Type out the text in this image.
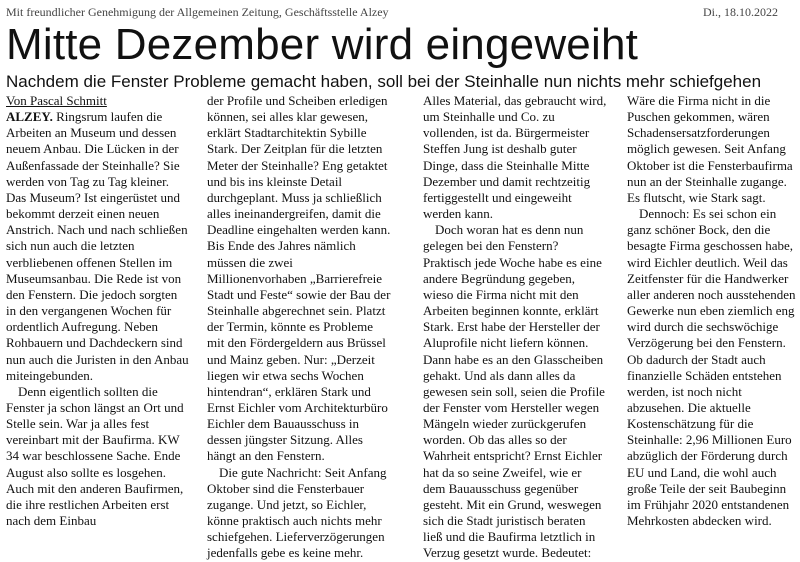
Mit freundlicher Genehmigung der Allgemeinen Zeitung, Geschäftsstelle Alzey	Di., 18.10.2022
Mitte Dezember wird eingeweiht
Nachdem die Fenster Probleme gemacht haben, soll bei der Steinhalle nun nichts mehr schiefgehen
Von Pascal Schmitt

ALZEY. Ringsrum laufen die Arbeiten an Museum und dessen neuem Anbau. Die Lücken in der Außenfassade der Steinhalle? Sie werden von Tag zu Tag kleiner. Das Museum? Ist eingerüstet und bekommt derzeit einen neuen Anstrich. Nach und nach schließen sich nun auch die letzten verbliebenen offenen Stellen im Museumsanbau. Die Rede ist von den Fenstern. Die jedoch sorgten in den vergangenen Wochen für ordentlich Aufregung. Neben Rohbauern und Dachdeckern sind nun auch die Juristen in den Anbau miteingebunden.

Denn eigentlich sollten die Fenster ja schon längst an Ort und Stelle sein. War ja alles fest vereinbart mit der Baufirma. KW 34 war beschlossene Sache. Ende August also sollte es losgehen. Auch mit den anderen Baufirmen, die ihre restlichen Arbeiten erst nach dem Einbau

der Profile und Scheiben erledigen können, sei alles klar gewesen, erklärt Stadtarchitektin Sybille Stark. Der Zeitplan für die letzten Meter der Steinhalle? Eng getaktet und bis ins kleinste Detail durchgeplant. Muss ja schließlich alles ineinandergreifen, damit die Deadline eingehalten werden kann. Bis Ende des Jahres nämlich müssen die zwei Millionenvorhaben „Barrierefreie Stadt und Feste“ sowie der Bau der Steinhalle abgerechnet sein. Platzt der Termin, könnte es Probleme mit den Fördergeldern aus Brüssel und Mainz geben. Nur: „Derzeit liegen wir etwa sechs Wochen hintendran“, erklären Stark und Ernst Eichler vom Architekturbüro Eichler dem Bauausschuss in dessen jüngster Sitzung. Alles hängt an den Fenstern.

Die gute Nachricht: Seit Anfang Oktober sind die Fensterbauer zugange. Und jetzt, so Eichler, könne praktisch auch nichts mehr schiefgehen. Lieferverzögerungen jedenfalls gebe es keine mehr.

Alles Material, das gebraucht wird, um Steinhalle und Co. zu vollenden, ist da. Bürgermeister Steffen Jung ist deshalb guter Dinge, dass die Steinhalle Mitte Dezember und damit rechtzeitig fertiggestellt und eingeweiht werden kann.

Doch woran hat es denn nun gelegen bei den Fenstern? Praktisch jede Woche habe es eine andere Begründung gegeben, wieso die Firma nicht mit den Arbeiten beginnen konnte, erklärt Stark. Erst habe der Hersteller der Aluprofile nicht liefern können. Dann habe es an den Glasscheiben gehakt. Und als dann alles da gewesen sein soll, seien die Profile der Fenster vom Hersteller wegen Mängeln wieder zurückgerufen worden. Ob das alles so der Wahrheit entspricht? Ernst Eichler hat da so seine Zweifel, wie er dem Bauausschuss gegenüber gesteht. Mit ein Grund, weswegen sich die Stadt juristisch beraten ließ und die Baufirma letztlich in Verzug gesetzt wurde. Bedeutet:

Wäre die Firma nicht in die Puschen gekommen, wären Schadensersatzforderungen möglich gewesen. Seit Anfang Oktober ist die Fensterbaufirma nun an der Steinhalle zugange. Es flutscht, wie Stark sagt.

Dennoch: Es sei schon ein ganz schöner Bock, den die besagte Firma geschossen habe, wird Eichler deutlich. Weil das Zeitfenster für die Handwerker aller anderen noch ausstehenden Gewerke nun eben ziemlich eng wird durch die sechswöchige Verzögerung bei den Fenstern. Ob dadurch der Stadt auch finanzielle Schäden entstehen werden, ist noch nicht abzusehen. Die aktuelle Kostenschätzung für die Steinhalle: 2,96 Millionen Euro abzüglich der Förderung durch EU und Land, die wohl auch große Teile der seit Baubeginn im Frühjahr 2020 entstandenen Mehrkosten abdecken wird.
